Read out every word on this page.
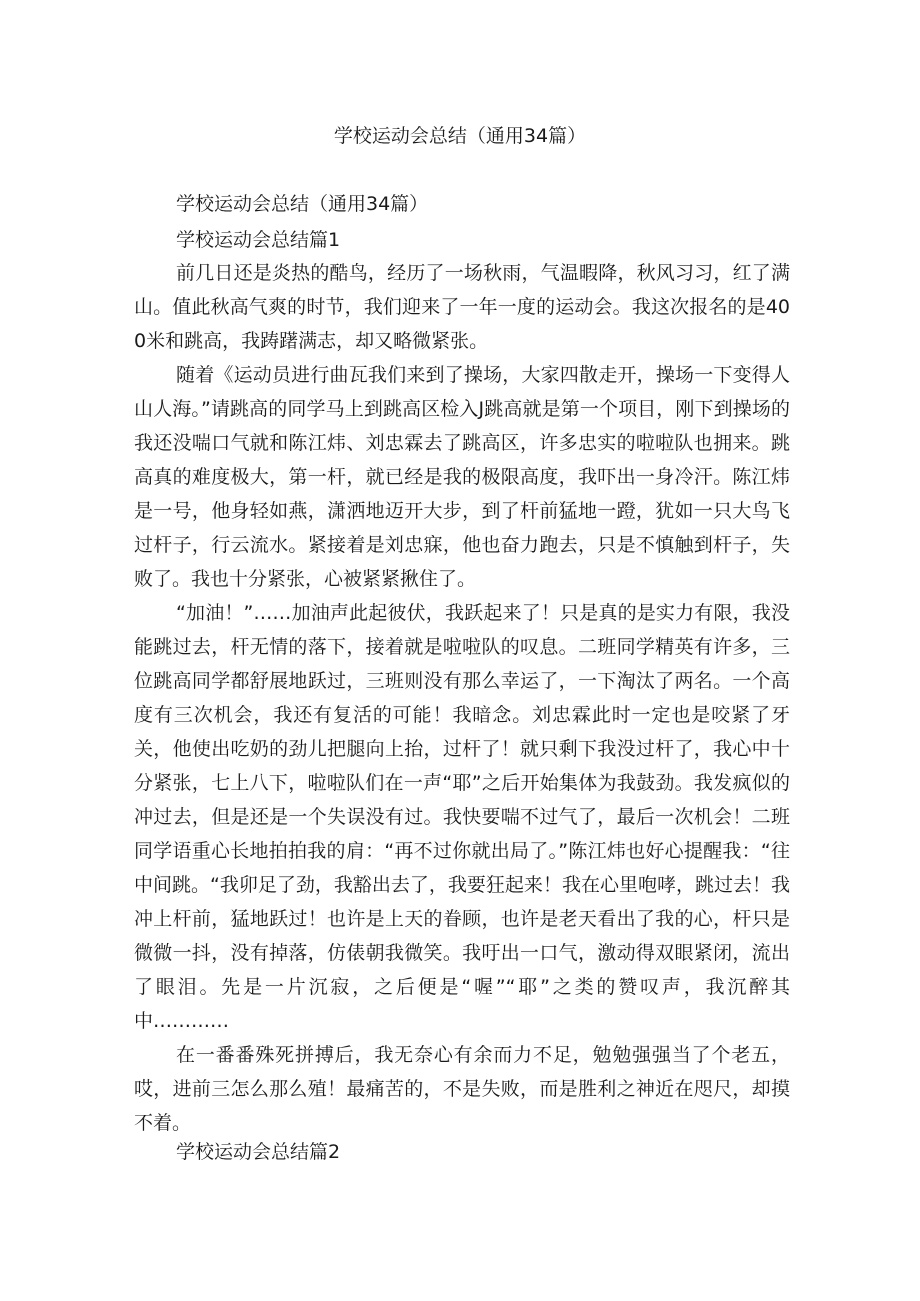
学校运动会总结（通用34篇）
学校运动会总结（通用34篇）
学校运动会总结篇1

前几日还是炎热的酷鸟，经历了一场秋雨，气温暇降，秋风习习，红了满山。值此秋高气爽的时节，我们迎来了一年一度的运动会。我这次报名的是400米和跳高，我踌躇满志，却又略微紧张。

随着《运动员进行曲瓦我们来到了操场，大家四散走开，操场一下变得人山人海。”请跳高的同学马上到跳高区检入J跳高就是第一个项目，刚下到操场的我还没喘口气就和陈江炜、刘忠霖去了跳高区，许多忠实的啦啦队也拥来。跳高真的难度极大，第一杆，就已经是我的极限高度，我吓出一身冷汗。陈江炜是一号，他身轻如燕，潇洒地迈开大步，到了杆前猛地一蹬，犹如一只大鸟飞过杆子，行云流水。紧接着是刘忠寐，他也奋力跑去，只是不慎触到杆子，失败了。我也十分紧张，心被紧紧揪住了。

“加油！”……加油声此起彼伏，我跃起来了！只是真的是实力有限，我没能跳过去，杆无情的落下，接着就是啦啦队的叹息。二班同学精英有许多，三位跳高同学都舒展地跃过，三班则没有那么幸运了，一下淘汰了两名。一个高度有三次机会，我还有复活的可能！我暗念。刘忠霖此时一定也是咬紧了牙关，他使出吃奶的劲儿把腿向上抬，过杆了！就只剩下我没过杆了，我心中十分紧张，七上八下，啦啦队们在一声“耶”之后开始集体为我鼓劲。我发疯似的冲过去，但是还是一个失误没有过。我快要喘不过气了，最后一次机会！二班同学语重心长地拍拍我的肩：“再不过你就出局了。”陈江炜也好心提醒我：“往中间跳。“我卯足了劲，我豁出去了，我要狂起来！我在心里咆哮，跳过去！我冲上杆前，猛地跃过！也许是上天的眷顾，也许是老天看出了我的心，杆只是微微一抖，没有掉落，仿俵朝我微笑。我吁出一口气，激动得双眼紧闭，流出了眼泪。先是一片沉寂，之后便是“喔”“耶”之类的赞叹声，我沉醉其中…………

在一番番殊死拼搏后，我无奈心有余而力不足，勉勉强强当了个老五，哎，进前三怎么那么殖！最痛苦的，不是失败，而是胜利之神近在咫尺，却摸不着。

学校运动会总结篇2
